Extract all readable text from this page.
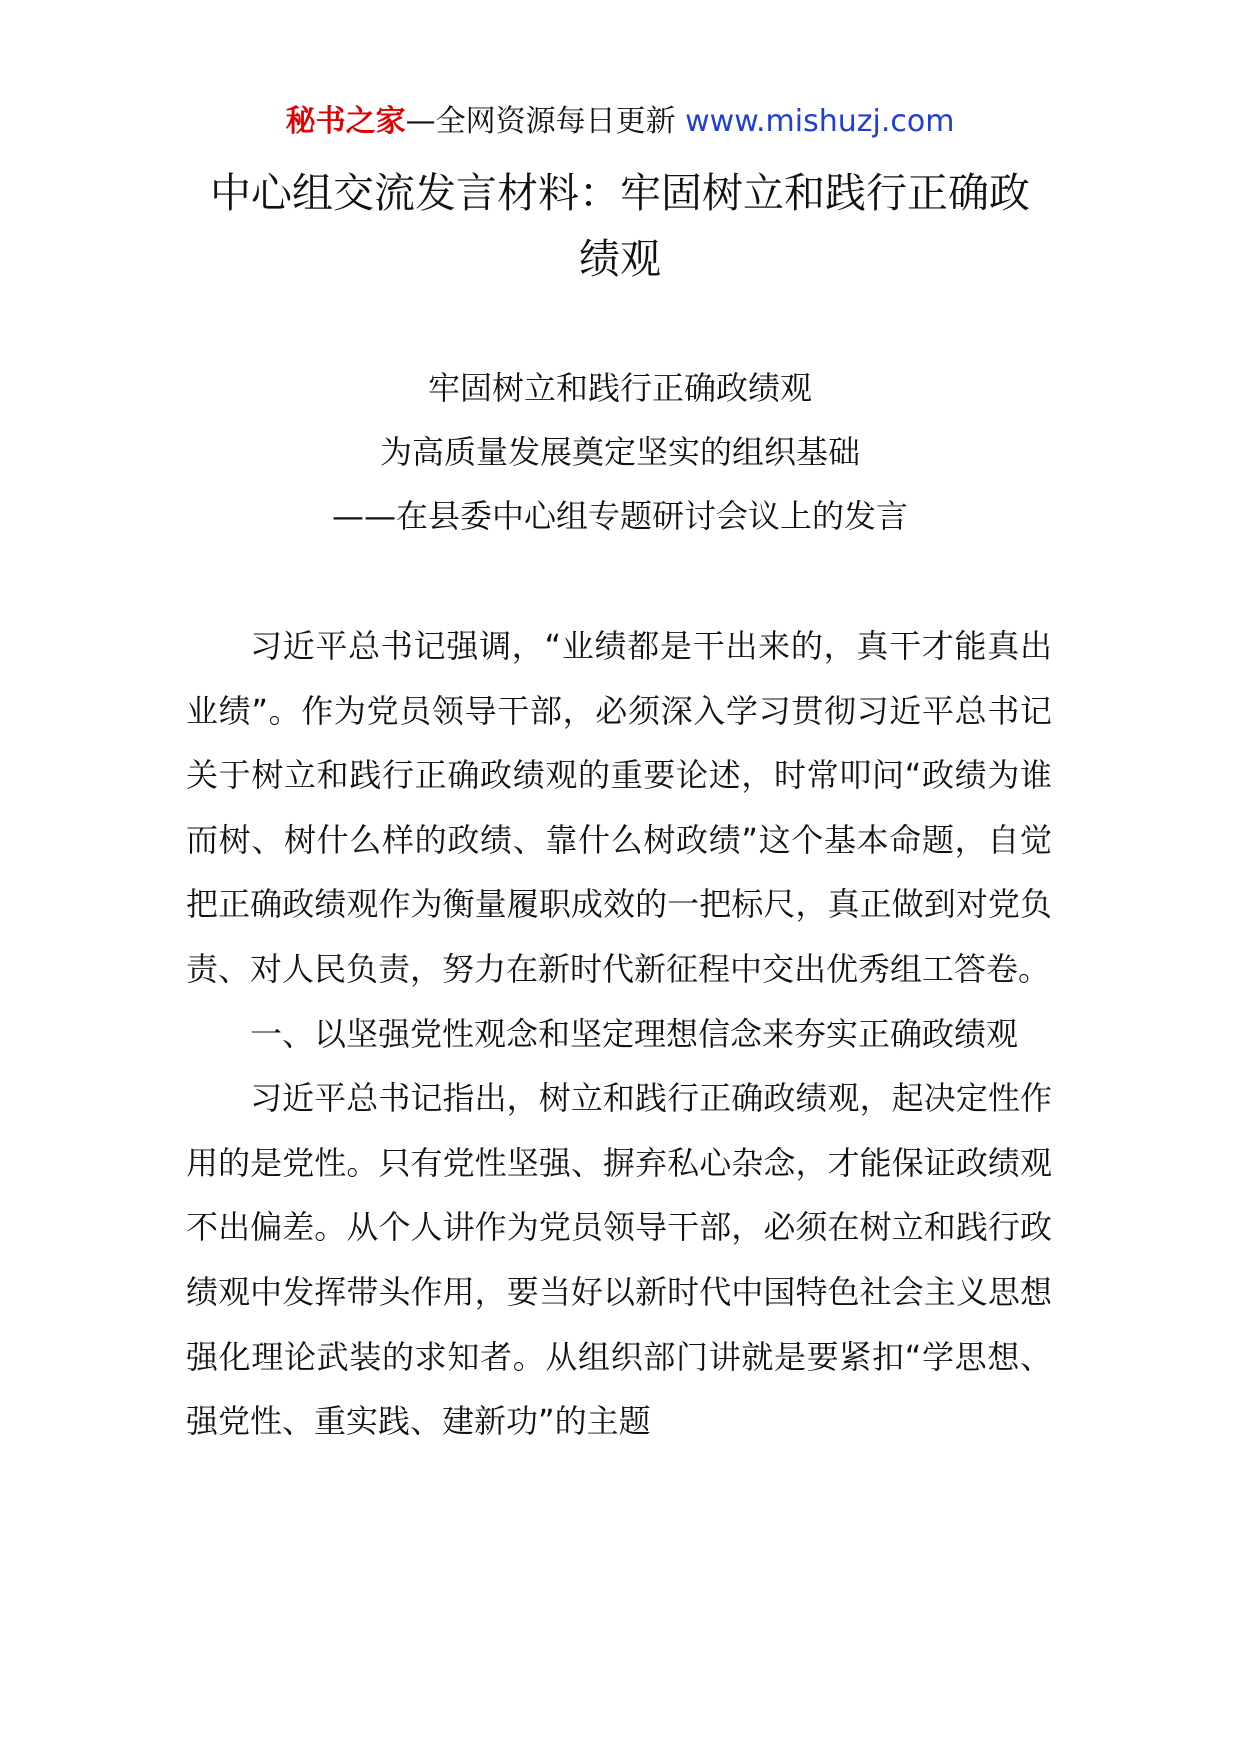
秘书之家—全网资源每日更新 www.mishuzj.com
中心组交流发言材料：牢固树立和践行正确政绩观
牢固树立和践行正确政绩观
为高质量发展奠定坚实的组织基础
——在县委中心组专题研讨会议上的发言

习近平总书记强调，“业绩都是干出来的，真干才能真出业绩”。作为党员领导干部，必须深入学习贯彻习近平总书记关于树立和践行正确政绩观的重要论述，时常叩问“政绩为谁而树、树什么样的政绩、靠什么树政绩”这个基本命题，自觉把正确政绩观作为衡量履职成效的一把标尺，真正做到对党负责、对人民负责，努力在新时代新征程中交出优秀组工答卷。

一、以坚强党性观念和坚定理想信念来夯实正确政绩观

习近平总书记指出，树立和践行正确政绩观，起决定性作用的是党性。只有党性坚强、摒弃私心杂念，才能保证政绩观不出偏差。从个人讲作为党员领导干部，必须在树立和践行政绩观中发挥带头作用，要当好以新时代中国特色社会主义思想强化理论武装的求知者。从组织部门讲就是要紧扣“学思想、强党性、重实践、建新功”的主题
